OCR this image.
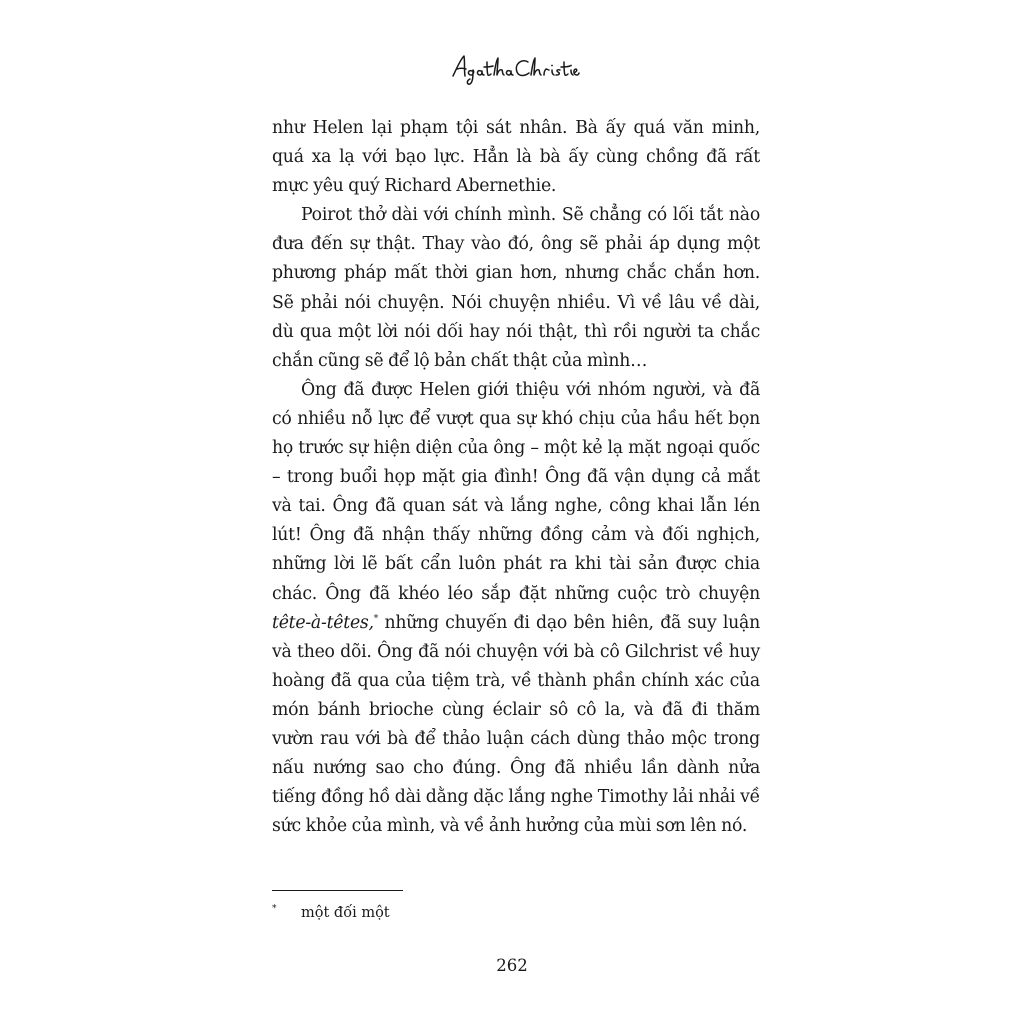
như Helen lại phạm tội sát nhân. Bà ấy quá văn minh, quá xa lạ với bạo lực. Hẳn là bà ấy cùng chồng đã rất mực yêu quý Richard Abernethie.

Poirot thở dài với chính mình. Sẽ chẳng có lối tắt nào đưa đến sự thật. Thay vào đó, ông sẽ phải áp dụng một phương pháp mất thời gian hơn, nhưng chắc chắn hơn. Sẽ phải nói chuyện. Nói chuyện nhiều. Vì về lâu về dài, dù qua một lời nói dối hay nói thật, thì rồi người ta chắc chắn cũng sẽ để lộ bản chất thật của mình…

Ông đã được Helen giới thiệu với nhóm người, và đã có nhiều nỗ lực để vượt qua sự khó chịu của hầu hết bọn họ trước sự hiện diện của ông – một kẻ lạ mặt ngoại quốc – trong buổi họp mặt gia đình! Ông đã vận dụng cả mắt và tai. Ông đã quan sát và lắng nghe, công khai lẫn lén lút! Ông đã nhận thấy những đồng cảm và đối nghịch, những lời lẽ bất cẩn luôn phát ra khi tài sản được chia chác. Ông đã khéo léo sắp đặt những cuộc trò chuyện tête-à-têtes,* những chuyến đi dạo bên hiên, đã suy luận và theo dõi. Ông đã nói chuyện với bà cô Gilchrist về huy hoàng đã qua của tiệm trà, về thành phần chính xác của món bánh brioche cùng éclair sô cô la, và đã đi thăm vườn rau với bà để thảo luận cách dùng thảo mộc trong nấu nướng sao cho đúng. Ông đã nhiều lần dành nửa tiếng đồng hồ dài dằng dặc lắng nghe Timothy lải nhải về sức khỏe của mình, và về ảnh hưởng của mùi sơn lên nó.

* một đối một
262
